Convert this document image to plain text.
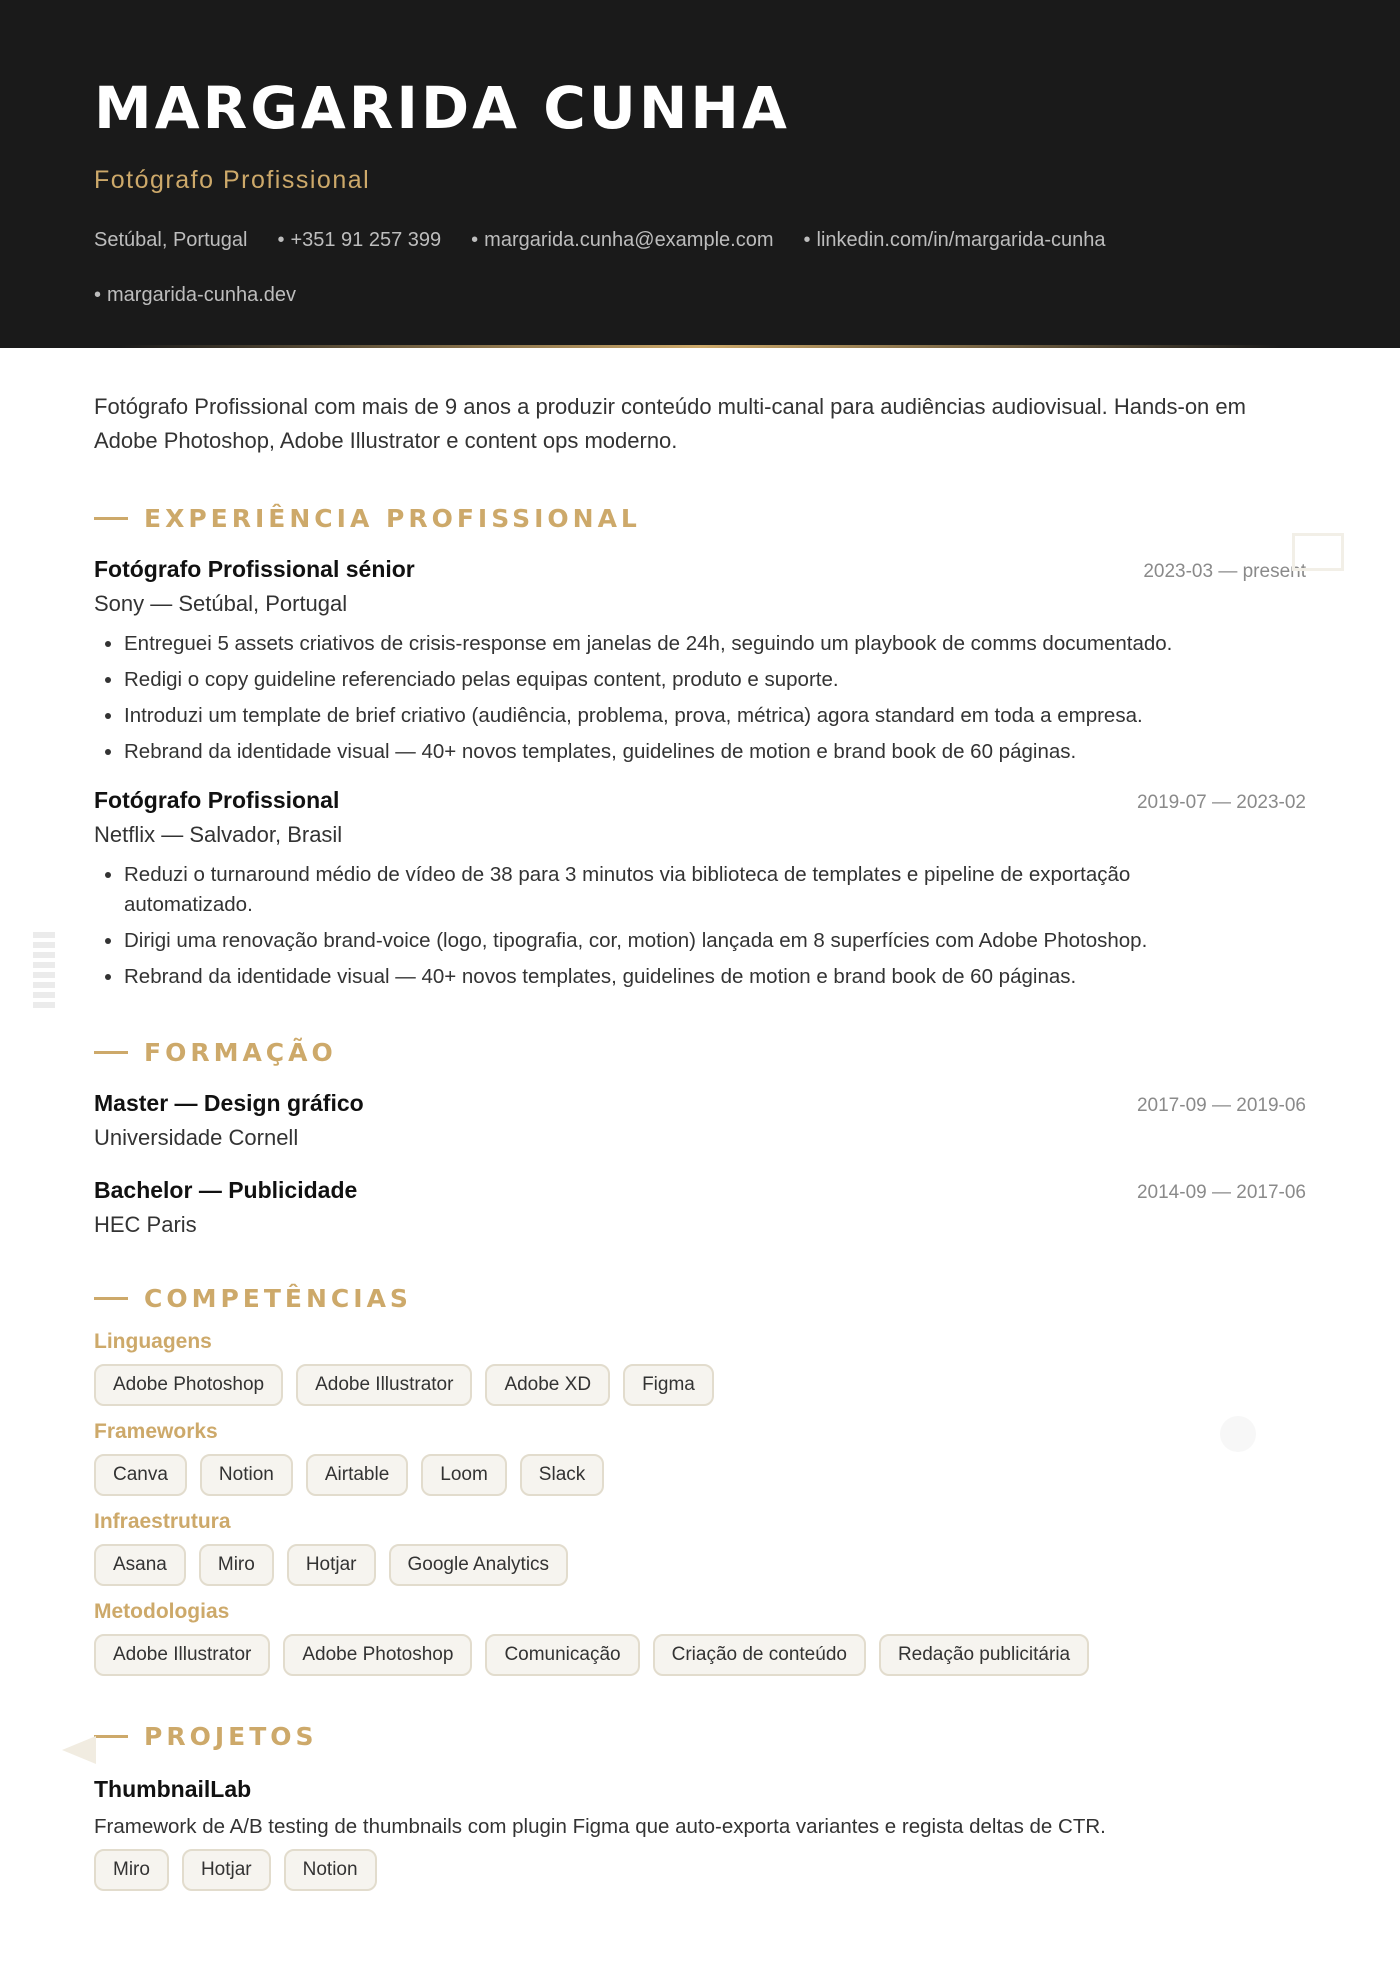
MARGARIDA CUNHA
Fotógrafo Profissional
Setúbal, Portugal • +351 91 257 399 • margarida.cunha@example.com • linkedin.com/in/margarida-cunha
• margarida-cunha.dev

Fotógrafo Profissional com mais de 9 anos a produzir conteúdo multi-canal para audiências audiovisual. Hands-on em Adobe Photoshop, Adobe Illustrator e content ops moderno.

EXPERIÊNCIA PROFISSIONAL
Fotógrafo Profissional sénior	2023-03 — present
Sony — Setúbal, Portugal
• Entreguei 5 assets criativos de crisis-response em janelas de 24h, seguindo um playbook de comms documentado.
• Redigi o copy guideline referenciado pelas equipas content, produto e suporte.
• Introduzi um template de brief criativo (audiência, problema, prova, métrica) agora standard em toda a empresa.
• Rebrand da identidade visual — 40+ novos templates, guidelines de motion e brand book de 60 páginas.
Fotógrafo Profissional	2019-07 — 2023-02
Netflix — Salvador, Brasil
• Reduzi o turnaround médio de vídeo de 38 para 3 minutos via biblioteca de templates e pipeline de exportação automatizado.
• Dirigi uma renovação brand-voice (logo, tipografia, cor, motion) lançada em 8 superfícies com Adobe Photoshop.
• Rebrand da identidade visual — 40+ novos templates, guidelines de motion e brand book de 60 páginas.
FORMAÇÃO
Master — Design gráfico	2017-09 — 2019-06
Universidade Cornell
Bachelor — Publicidade	2014-09 — 2017-06
HEC Paris
COMPETÊNCIAS
Linguagens
Adobe Photoshop	Adobe Illustrator	Adobe XD	Figma
Frameworks
Canva	Notion	Airtable	Loom	Slack
Infraestrutura
Asana	Miro	Hotjar	Google Analytics
Metodologias
Adobe Illustrator	Adobe Photoshop	Comunicação	Criação de conteúdo	Redação publicitária
PROJETOS
ThumbnailLab
Framework de A/B testing de thumbnails com plugin Figma que auto-exporta variantes e regista deltas de CTR.
Miro	Hotjar	Notion
